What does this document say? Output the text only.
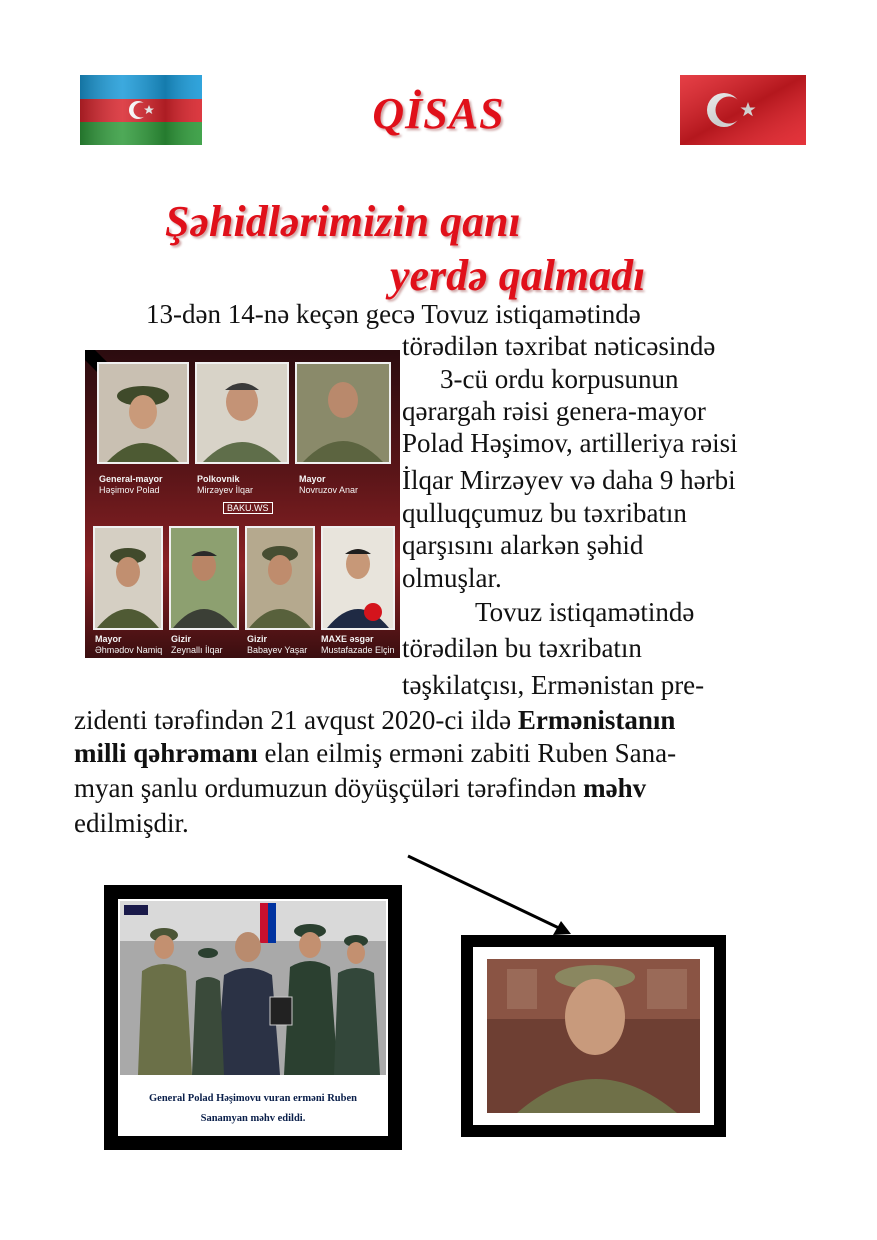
QİSAS
Şəhidlərimizin qanı
yerdə qalmadı
13-dən 14-nə keçən gecə Tovuz istiqamətində
törədilən təxribat nəticəsində
3-cü ordu korpusunun
qərargah rəisi genera-mayor
Polad Həşimov, artilleriya rəisi
İlqar Mirzəyev və daha 9 hərbi
qulluqçumuz bu təxribatın
qarşısını alarkən şəhid
olmuşlar.
Tovuz istiqamətində
törədilən bu təxribatın
təşkilatçısı, Ermənistan pre-
zidenti tərəfindən 21 avqust 2020-ci ildə Ermənistanın
milli qəhrəmanı elan eilmiş erməni zabiti Ruben Sana-
myan şanlu ordumuzun döyüşçüləri tərəfindən məhv
edilmişdir.
General-mayor
Həşimov Polad
Polkovnik
Mirzəyev İlqar
Mayor
Novruzov Anar
BAKU.WS
Mayor
Əhmədov Namiq
Gizir
Zeynallı İlqar
Gizir
Babayev Yaşar
MAXE əsgər
Mustafazade Elçin
General Polad Həşimovu vuran erməni Ruben
Sanamyan məhv edildi.
